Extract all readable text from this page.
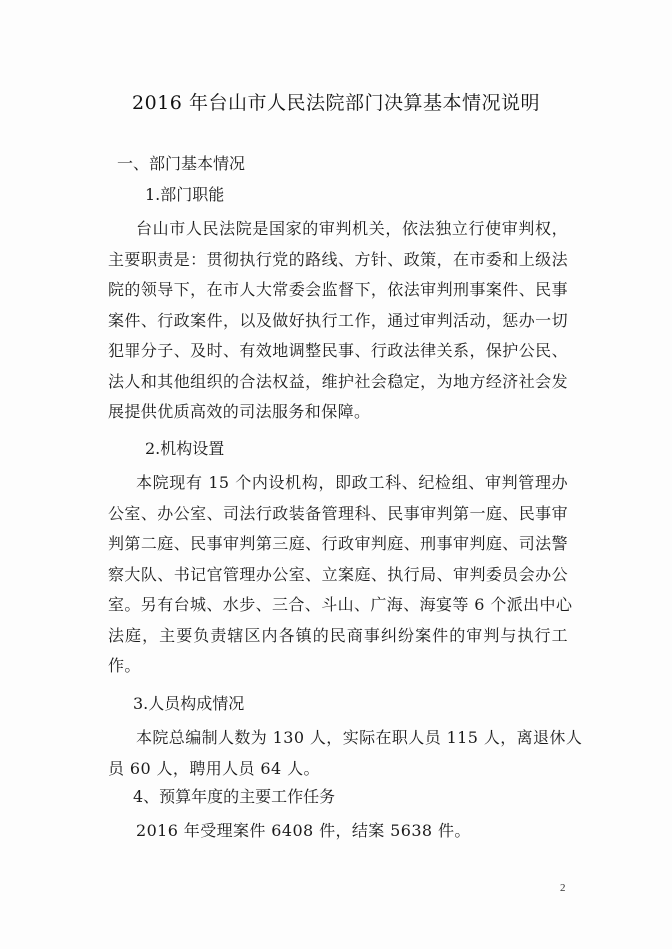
2016 年台山市人民法院部门决算基本情况说明
一、部门基本情况
1.部门职能
台山市人民法院是国家的审判机关，依法独立行使审判权，
主要职责是：贯彻执行党的路线、方针、政策，在市委和上级法
院的领导下，在市人大常委会监督下，依法审判刑事案件、民事
案件、行政案件，以及做好执行工作，通过审判活动，惩办一切
犯罪分子、及时、有效地调整民事、行政法律关系，保护公民、
法人和其他组织的合法权益，维护社会稳定，为地方经济社会发
展提供优质高效的司法服务和保障。
2.机构设置
本院现有 15 个内设机构，即政工科、纪检组、审判管理办
公室、办公室、司法行政装备管理科、民事审判第一庭、民事审
判第二庭、民事审判第三庭、行政审判庭、刑事审判庭、司法警
察大队、书记官管理办公室、立案庭、执行局、审判委员会办公
室。另有台城、水步、三合、斗山、广海、海宴等 6 个派出中心
法庭，主要负责辖区内各镇的民商事纠纷案件的审判与执行工
作。
3.人员构成情况
本院总编制人数为 130 人，实际在职人员 115 人，离退休人
员 60 人，聘用人员 64 人。
4、预算年度的主要工作任务
2016 年受理案件 6408 件，结案 5638 件。
2
